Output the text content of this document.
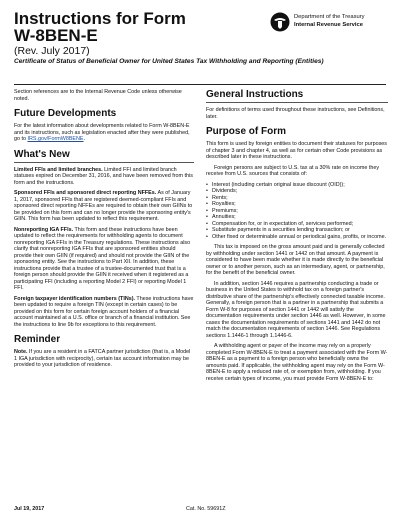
Instructions for Form W-8BEN-E
(Rev. July 2017)
Certificate of Status of Beneficial Owner for United States Tax Withholding and Reporting (Entities)
Department of the Treasury
Internal Revenue Service

Section references are to the Internal Revenue Code unless otherwise noted.

Future Developments

For the latest information about developments related to Form W-8BEN-E and its instructions, such as legislation enacted after they were published, go to IRS.gov/FormW8BENE.

What's New

Limited FFIs and limited branches. Limited FFI and limited branch statuses expired on December 31, 2016, and have been removed from this form and the instructions.

Sponsored FFIs and sponsored direct reporting NFFEs. As of January 1, 2017, sponsored FFIs that are registered deemed-compliant FFIs and sponsored direct reporting NFFEs are required to obtain their own GIINs to be provided on this form and can no longer provide the sponsoring entity's GIIN. This form has been updated to reflect this requirement.

Nonreporting IGA FFIs. This form and these instructions have been updated to reflect the requirements for withholding agents to document nonreporting IGA FFIs in the Treasury regulations. These instructions also clarify that nonreporting IGA FFIs that are sponsored entities should provide their own GIIN (if required) and should not provide the GIIN of the sponsoring entity. See the instructions to Part XII. In addition, these instructions provide that a trustee of a trustee-documented trust that is a foreign person should provide the GIIN it received when it registered as a participating FFI (including a reporting Model 2 FFI) or reporting Model 1 FFI.

Foreign taxpayer identification numbers (TINs). These instructions have been updated to require a foreign TIN (except in certain cases) to be provided on this form for certain foreign account holders of a financial account maintained at a U.S. office or branch of a financial institution. See the instructions to line 9b for exceptions to this requirement.

Reminder

Note. If you are a resident in a FATCA partner jurisdiction (that is, a Model 1 IGA jurisdiction with reciprocity), certain tax account information may be provided to your jurisdiction of residence.

General Instructions

For definitions of terms used throughout these instructions, see Definitions, later.

Purpose of Form

This form is used by foreign entities to document their statuses for purposes of chapter 3 and chapter 4, as well as for certain other Code provisions as described later in these instructions.

Foreign persons are subject to U.S. tax at a 30% rate on income they receive from U.S. sources that consists of:

• Interest (including certain original issue discount (OID));
• Dividends;
• Rents;
• Royalties;
• Premiums;
• Annuities;
• Compensation for, or in expectation of, services performed;
• Substitute payments in a securities lending transaction; or
• Other fixed or determinable annual or periodical gains, profits, or income.

This tax is imposed on the gross amount paid and is generally collected by withholding under section 1441 or 1442 on that amount. A payment is considered to have been made whether it is made directly to the beneficial owner or to another person, such as an intermediary, agent, or partnership, for the benefit of the beneficial owner.

In addition, section 1446 requires a partnership conducting a trade or business in the United States to withhold tax on a foreign partner's distributive share of the partnership's effectively connected taxable income. Generally, a foreign person that is a partner in a partnership that submits a Form W-8 for purposes of section 1441 or 1442 will satisfy the documentation requirements under section 1446 as well. However, in some cases the documentation requirements of sections 1441 and 1442 do not match the documentation requirements of section 1446. See Regulations sections 1.1446-1 through 1.1446-6.

A withholding agent or payer of the income may rely on a properly completed Form W-8BEN-E to treat a payment associated with the Form W-8BEN-E as a payment to a foreign person who beneficially owns the amounts paid. If applicable, the withholding agent may rely on the Form W-8BEN-E to apply a reduced rate of, or exemption from, withholding. If you receive certain types of income, you must provide Form W-8BEN-E to:

Jul 19, 2017	Cat. No. 59691Z
